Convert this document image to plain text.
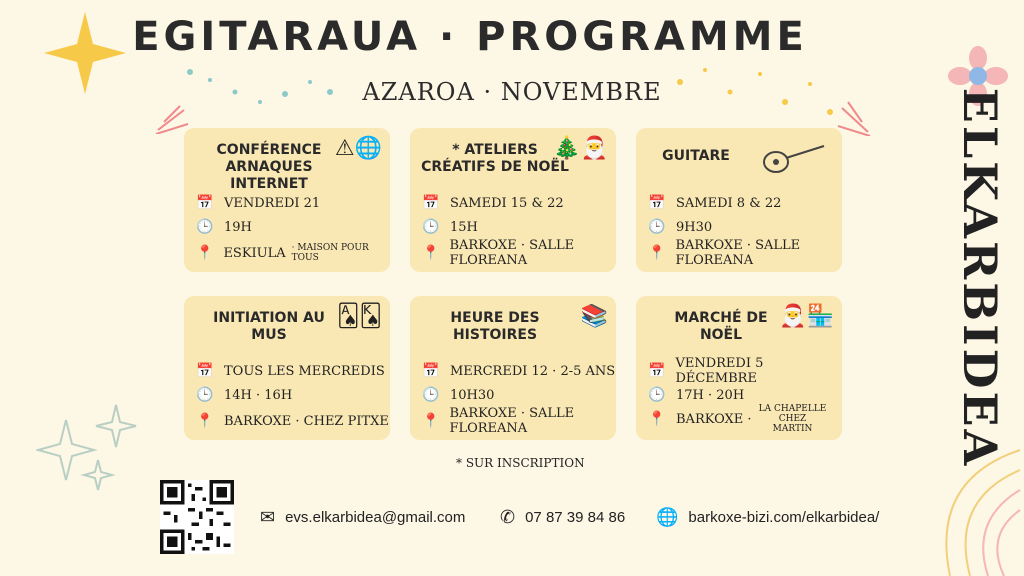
EGITARAUA · PROGRAMME
AZAROA · NOVEMBRE	ELKARBIDEA
CONFÉRENCE
ARNAQUES INTERNET
⚠🌐
📅 VENDREDI 21
🕒 19H
📍 ESKIULA · MAISON POUR TOUS
* ATELIERS
CRÉATIFS DE NOËL
🎄🎅
📅 SAMEDI 15 & 22
🕒 15H
📍 BARKOXE · SALLE FLOREANA
GUITARE
📅 SAMEDI 8 & 22
🕒 9H30
📍 BARKOXE · SALLE FLOREANA
INITIATION AU
MUS
🂡🂮
📅 TOUS LES MERCREDIS
🕒 14H · 16H
📍 BARKOXE · CHEZ PITXE
HEURE DES
HISTOIRES
📚
📅 MERCREDI 12 · 2-5 ANS
🕒 10H30
📍 BARKOXE · SALLE FLOREANA
MARCHÉ DE
NOËL
🎅🏪
📅 VENDREDI 5 DÉCEMBRE
🕒 17H · 20H
📍 BARKOXE ·
LA CHAPELLE CHEZ MARTIN
* SUR INSCRIPTION
✉ evs.elkarbidea@gmail.com ✆ 07 87 39 84 86 🌐 barkoxe-bizi.com/elkarbidea/
